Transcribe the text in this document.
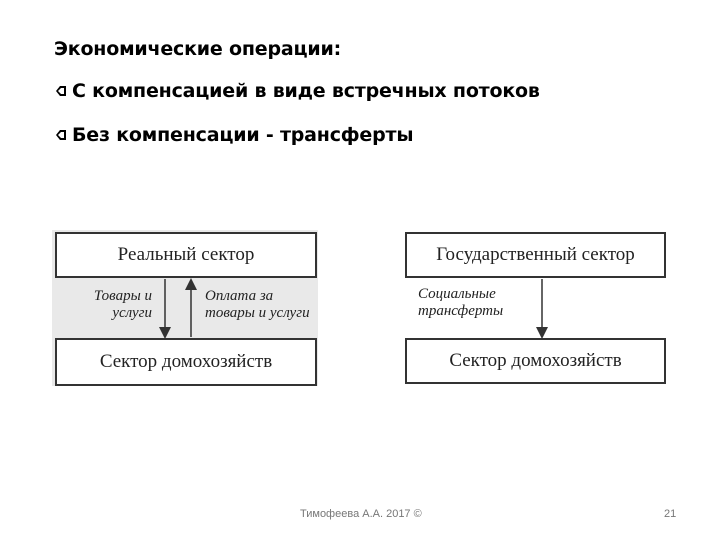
Экономические операции:
С компенсацией в виде встречных потоков
Без компенсации - трансферты
Реальный сектор
Сектор домохозяйств
Товары и
услуги
Оплата за
товары и услуги
Государственный сектор
Сектор домохозяйств
Социальные
трансферты
Тимофеева А.А. 2017 ©	21
